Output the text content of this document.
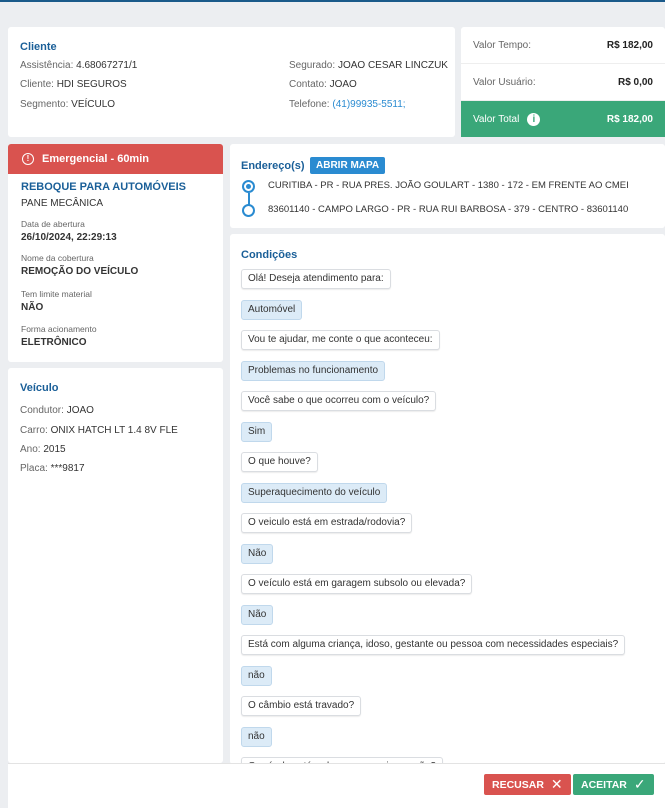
Cliente
Assistência: 4.68067271/1
Cliente: HDI SEGUROS
Segmento: VEÍCULO
Segurado: JOAO CESAR LINCZUK
Contato: JOAO
Telefone: (41)99935-5511;
Valor Tempo:	R$ 182,00
Valor Usuário:	R$ 0,00
Valor Total i	R$ 182,00
!	Emergencial - 60min
REBOQUE PARA AUTOMÓVEIS
PANE MECÂNICA
Data de abertura
26/10/2024, 22:29:13
Nome da cobertura
REMOÇÃO DO VEÍCULO
Tem limite material
NÃO
Forma acionamento
ELETRÔNICO
Veículo
Condutor: JOAO
Carro: ONIX HATCH LT 1.4 8V FLE
Ano: 2015
Placa: ***9817
Endereço(s)	ABRIR MAPA
CURITIBA - PR - RUA PRES. JOÃO GOULART - 1380 - 172 - EM FRENTE AO CMEI
83601140 - CAMPO LARGO - PR - RUA RUI BARBOSA - 379 - CENTRO - 83601140
Condições
Olá! Deseja atendimento para:
Automóvel
Vou te ajudar, me conte o que aconteceu:
Problemas no funcionamento
Você sabe o que ocorreu com o veículo?
Sim
O que houve?
Superaquecimento do veículo
O veiculo está em estrada/rodovia?
Não
O veículo está em garagem subsolo ou elevada?
Não
Está com alguma criança, idoso, gestante ou pessoa com necessidades especiais?
não
O câmbio está travado?
não
RECUSAR ✕ ACEITAR ✓
